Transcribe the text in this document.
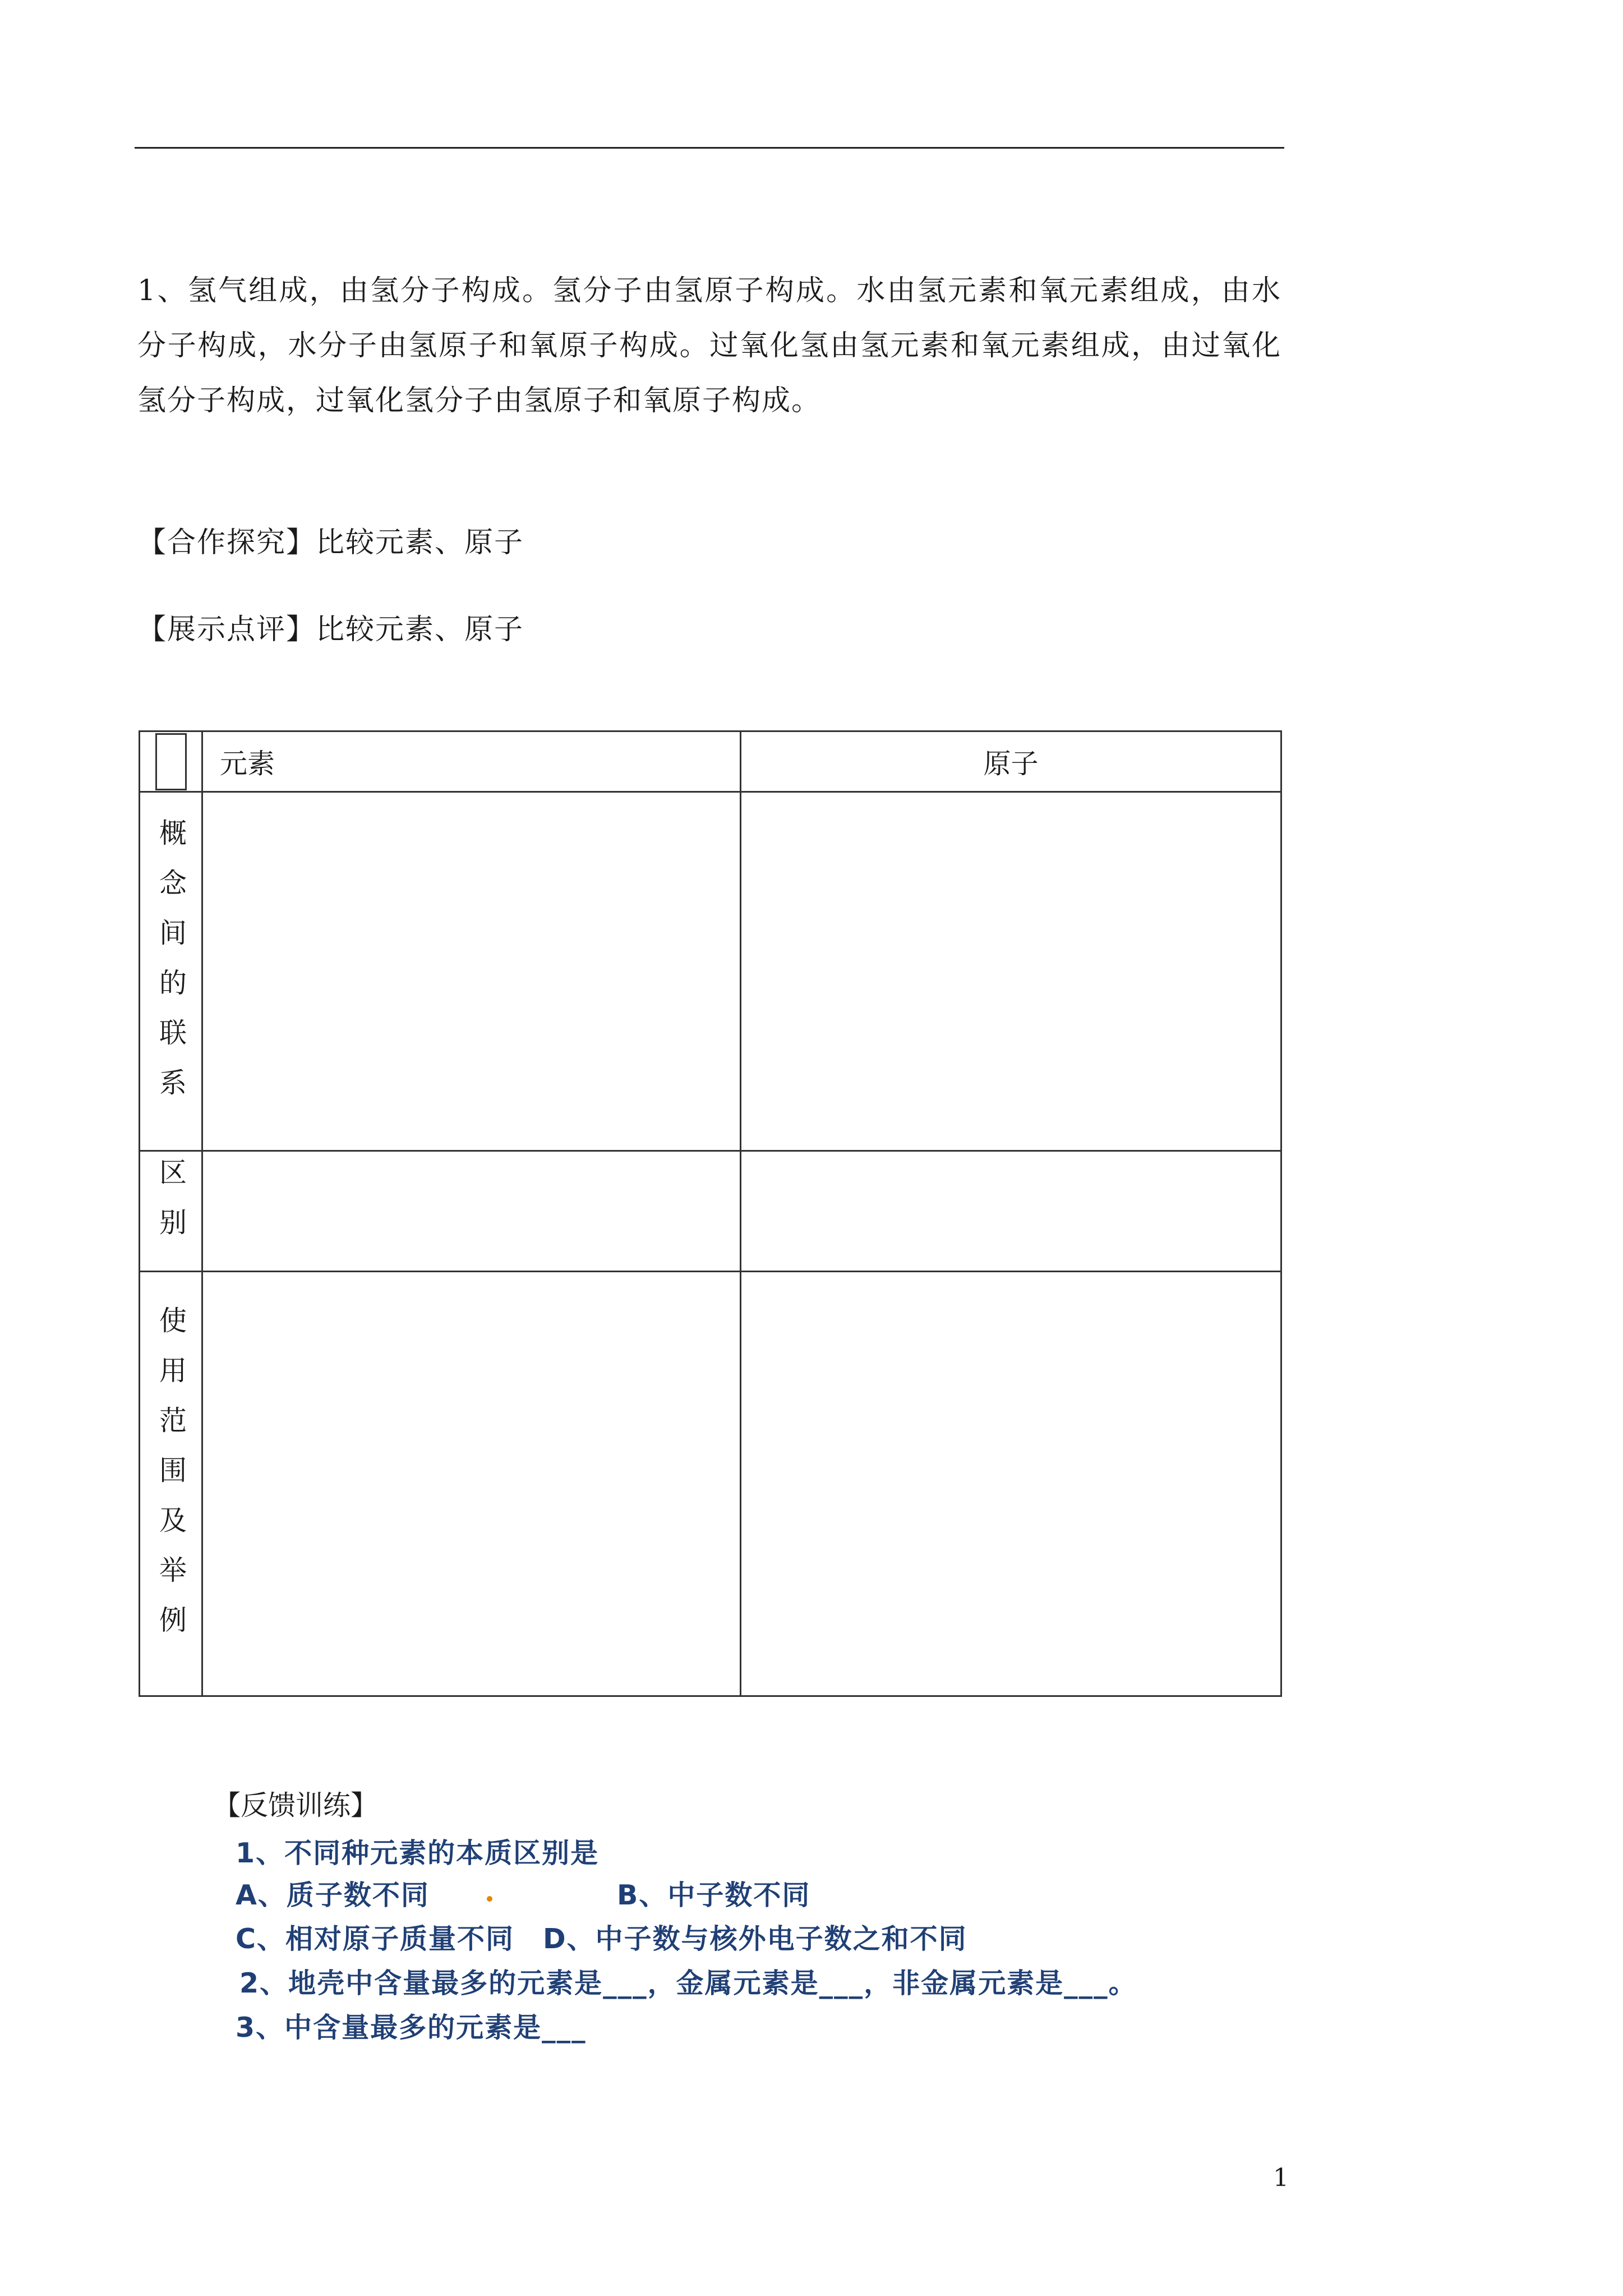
1、氢气组成，由氢分子构成。氢分子由氢原子构成。水由氢元素和氧元素组成，由水分子构成，水分子由氢原子和氧原子构成。过氧化氢由氢元素和氧元素组成，由过氧化氢分子构成，过氧化氢分子由氢原子和氧原子构成。
【合作探究】比较元素、原子
【展示点评】比较元素、原子
	元素	原子
概念间的联系		
区别		
使用范围及举例		
【反馈训练】
1、不同种元素的本质区别是
A、质子数不同	B、中子数不同
C、相对原子质量不同 D、中子数与核外电子数之和不同
2、地壳中含量最多的元素是___，金属元素是___，非金属元素是___。
3、中含量最多的元素是___
1
